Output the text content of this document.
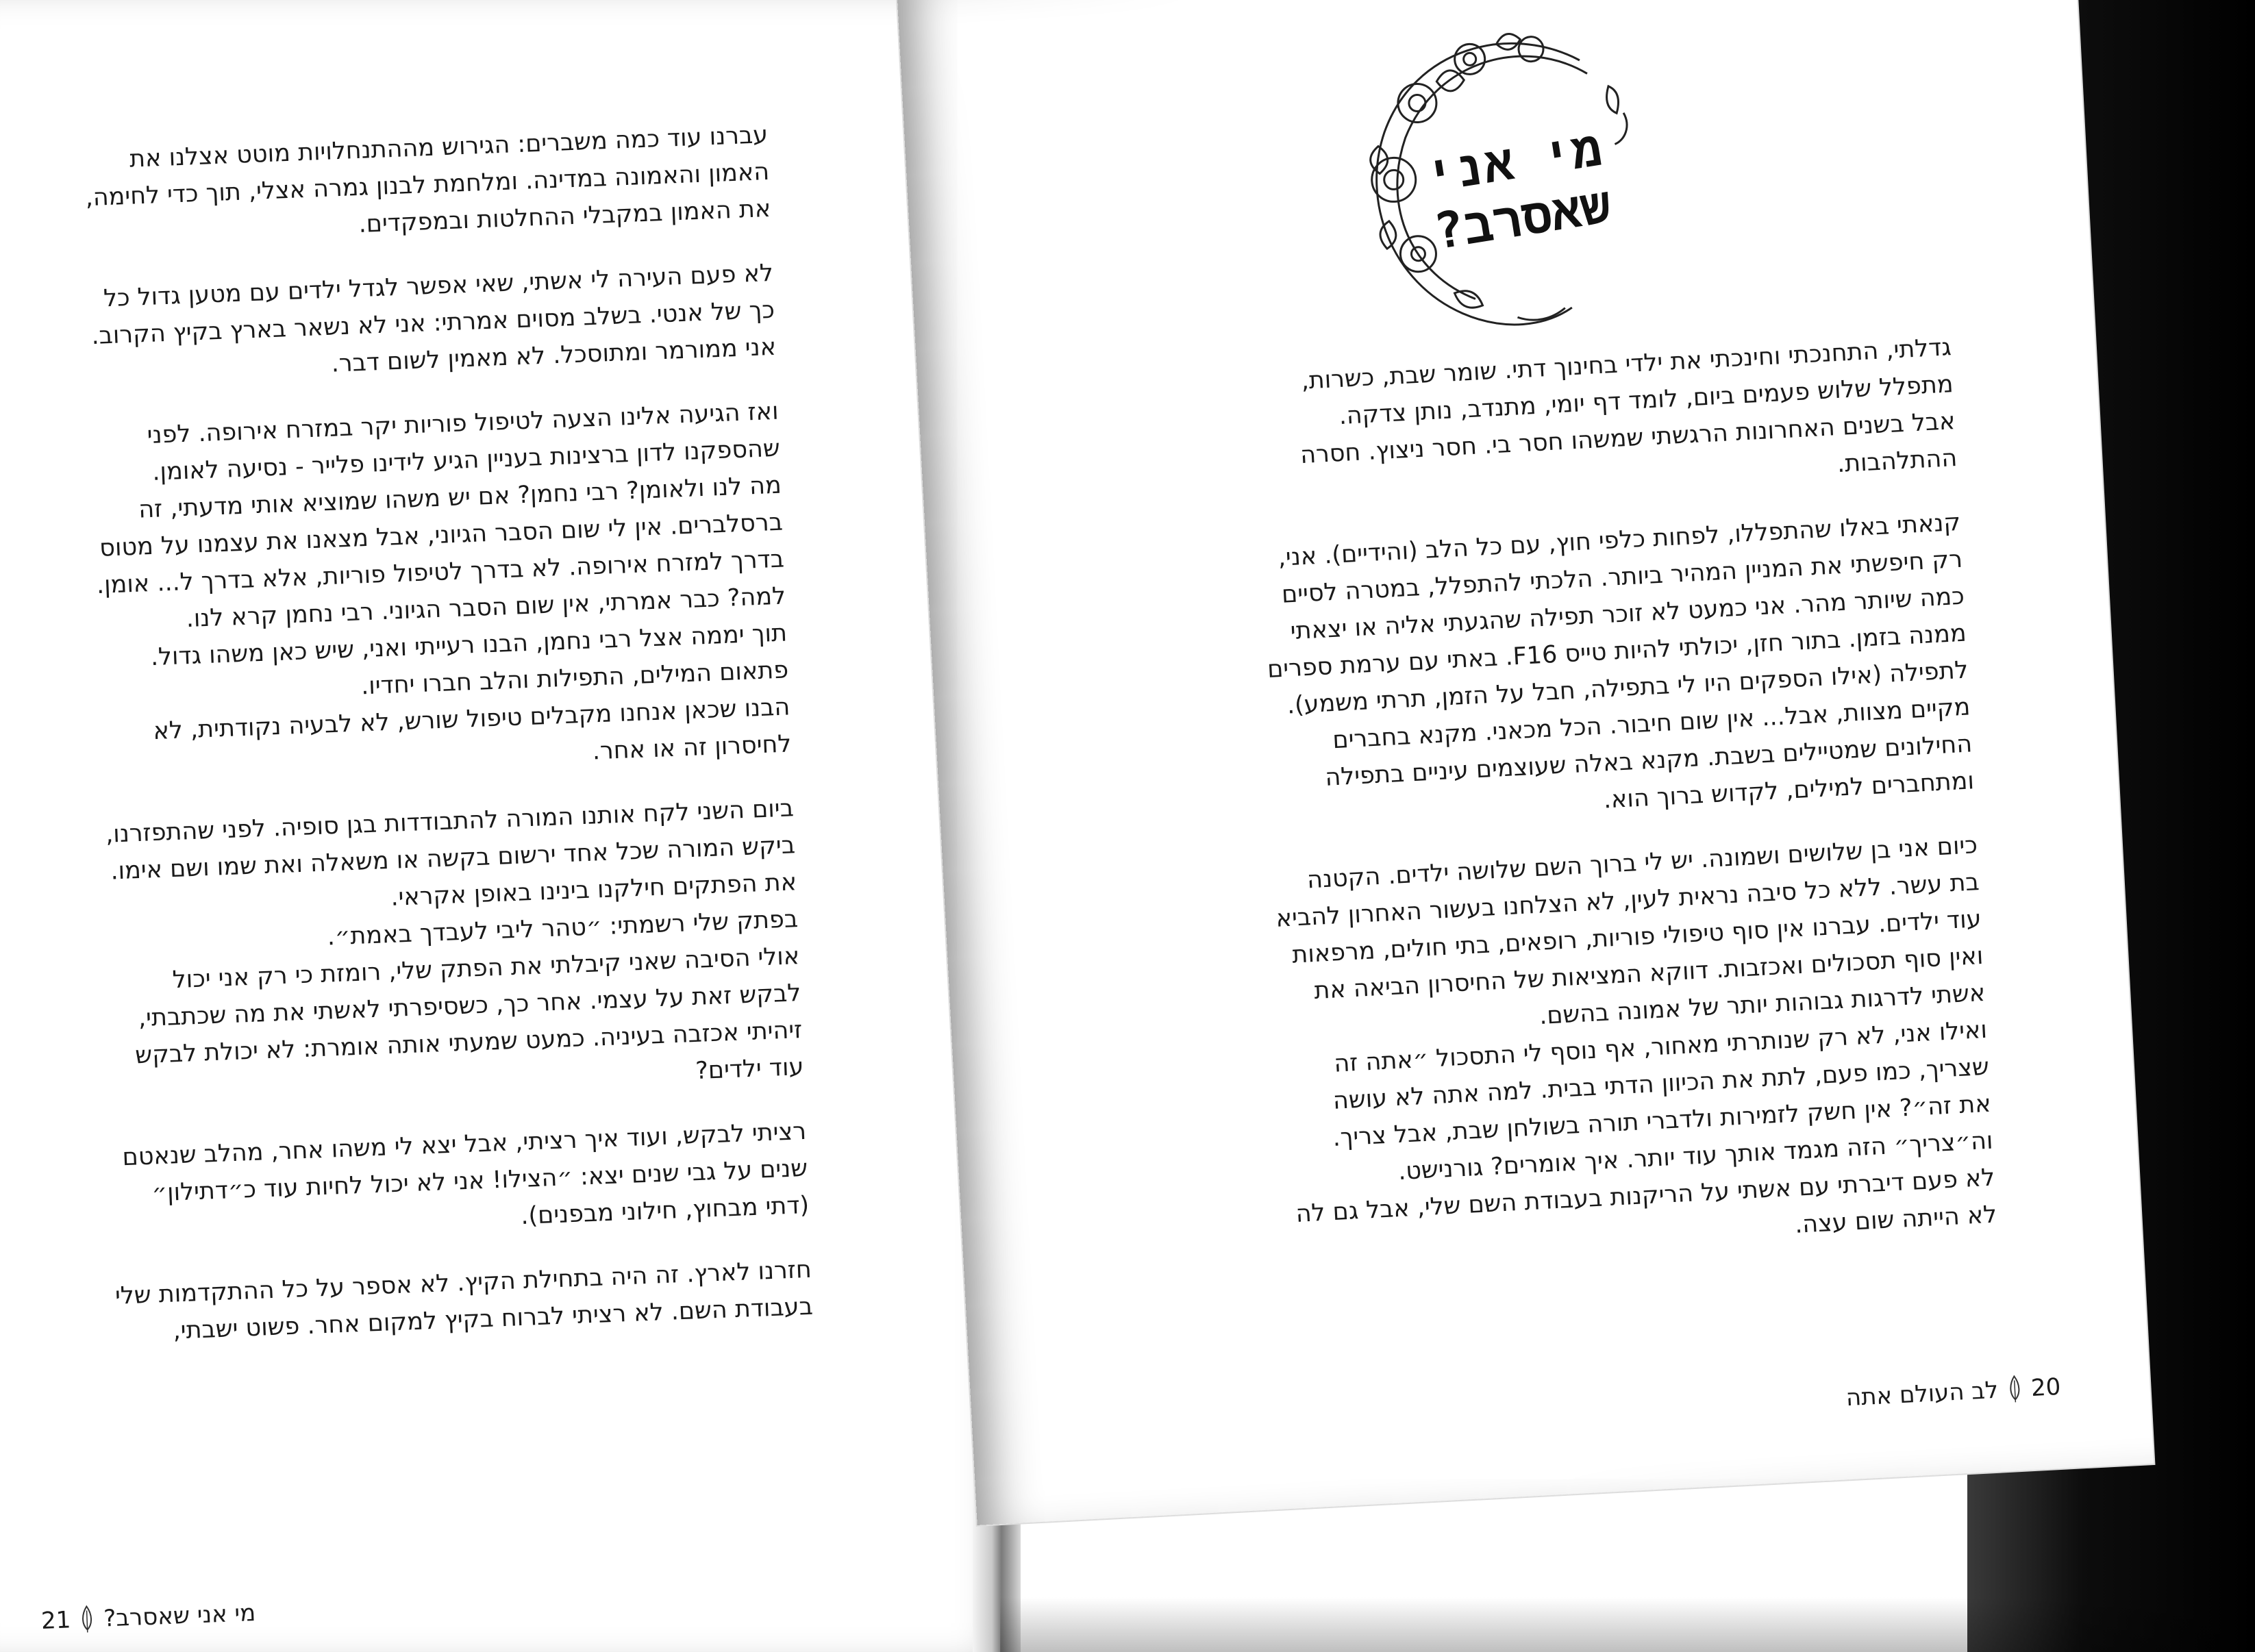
עברנו עוד כמה משברים: הגירוש מההתנחלויות מוטט אצלנו את
האמון והאמונה במדינה. ומלחמת לבנון גמרה אצלי, תוך כדי לחימה,
את האמון במקבלי ההחלטות ובמפקדים.

לא פעם העירה לי אשתי, שאי אפשר לגדל ילדים עם מטען גדול כל
כך של אנטי. בשלב מסוים אמרתי: אני לא נשאר בארץ בקיץ הקרוב.
אני ממורמר ומתוסכל. לא מאמין לשום דבר.

ואז הגיעה אלינו הצעה לטיפול פוריות יקר במזרח אירופה. לפני
שהספקנו לדון ברצינות בעניין הגיע לידינו פלייר - נסיעה לאומן.
מה לנו ולאומן? רבי נחמן? אם יש משהו שמוציא אותי מדעתי, זה
ברסלברים. אין לי שום הסבר הגיוני, אבל מצאנו את עצמנו על מטוס
בדרך למזרח אירופה. לא בדרך לטיפול פוריות, אלא בדרך ל... אומן.
למה? כבר אמרתי, אין שום הסבר הגיוני. רבי נחמן קרא לנו.
תוך יממה אצל רבי נחמן, הבנו רעייתי ואני, שיש כאן משהו גדול.
פתאום המילים, התפילות והלב חברו יחדיו.
הבנו שכאן אנחנו מקבלים טיפול שורש, לא לבעיה נקודתית, לא
לחיסרון זה או אחר.

ביום השני לקח אותנו המורה להתבודדות בגן סופיה. לפני שהתפזרנו,
ביקש המורה שכל אחד ירשום בקשה או משאלה ואת שמו ושם אימו.
את הפתקים חילקנו בינינו באופן אקראי.
בפתק שלי רשמתי: ״טהר ליבי לעבדך באמת״.
אולי הסיבה שאני קיבלתי את הפתק שלי, רומזת כי רק אני יכול
לבקש זאת על עצמי. אחר כך, כשסיפרתי לאשתי את מה שכתבתי,
זיהיתי אכזבה בעיניה. כמעט שמעתי אותה אומרת: לא יכולת לבקש
עוד ילדים?

רציתי לבקש, ועוד איך רציתי, אבל יצא לי משהו אחר, מהלב שנאטם
שנים על גבי שנים יצא: ״הצילו! אני לא יכול לחיות עוד כ״דתילון״
(דתי מבחוץ, חילוני מבפנים).

חזרנו לארץ. זה היה בתחילת הקיץ. לא אספר על כל ההתקדמות שלי
בעבודת השם. לא רציתי לברוח בקיץ למקום אחר. פשוט ישבתי,

מי אני שאסרב?
21
מי אני שאסרב?

גדלתי, התחנכתי וחינכתי את ילדי בחינוך דתי. שומר שבת, כשרות,
מתפלל שלוש פעמים ביום, לומד דף יומי, מתנדב, נותן צדקה.
אבל בשנים האחרונות הרגשתי שמשהו חסר בי. חסר ניצוץ. חסרה
ההתלהבות.

קנאתי באלו שהתפללו, לפחות כלפי חוץ, עם כל הלב (והידיים). אני,
רק חיפשתי את המניין המהיר ביותר. הלכתי להתפלל, במטרה לסיים
כמה שיותר מהר. אני כמעט לא זוכר תפילה שהגעתי אליה או יצאתי
ממנה בזמן. בתור חזן, יכולתי להיות טייס F16. באתי עם ערמת ספרים
לתפילה (אילו הספקים היו לי בתפילה, חבל על הזמן, תרתי משמע).
מקיים מצוות, אבל... אין שום חיבור. הכל מכאני. מקנא בחברים
החילונים שמטיילים בשבת. מקנא באלה שעוצמים עיניים בתפילה
ומתחברים למילים, לקדוש ברוך הוא.

כיום אני בן שלושים ושמונה. יש לי ברוך השם שלושה ילדים. הקטנה
בת עשר. ללא כל סיבה נראית לעין, לא הצלחנו בעשור האחרון להביא
עוד ילדים. עברנו אין סוף טיפולי פוריות, רופאים, בתי חולים, מרפאות
ואין סוף תסכולים ואכזבות. דווקא המציאות של החיסרון הביאה את
אשתי לדרגות גבוהות יותר של אמונה בהשם.
ואילו אני, לא רק שנותרתי מאחור, אף נוסף לי התסכול ״אתה זה
שצריך, כמו פעם, לתת את הכיוון הדתי בבית. למה אתה לא עושה
את זה״? אין חשק לזמירות ולדברי תורה בשולחן שבת, אבל צריך.
וה״צריך״ הזה מגמד אותך עוד יותר. איך אומרים? גורנישט.
לא פעם דיברתי עם אשתי על הריקנות בעבודת השם שלי, אבל גם לה
לא הייתה שום עצה.

20
לב העולם אתה
